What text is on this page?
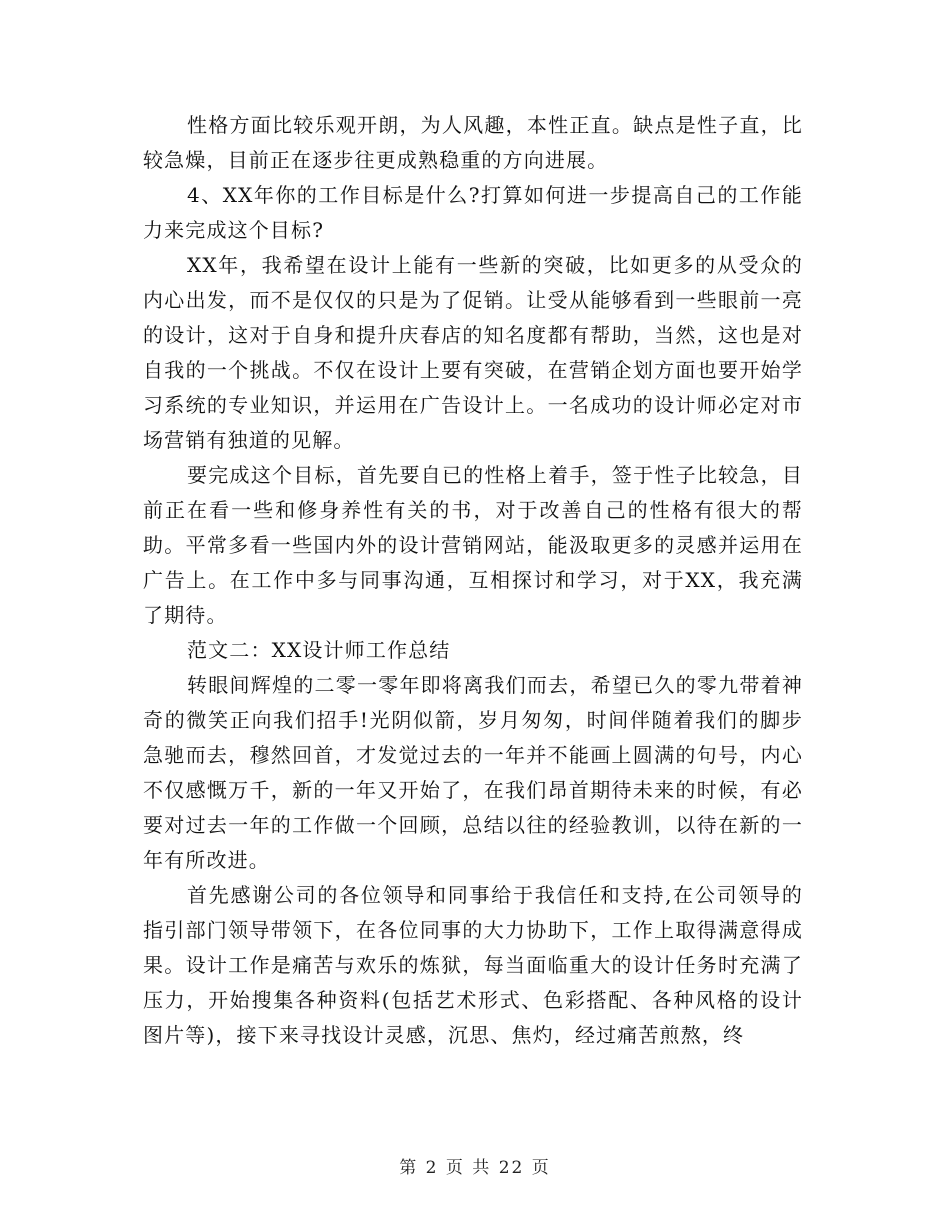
性格方面比较乐观开朗，为人风趣，本性正直。缺点是性子直，比较急燥，目前正在逐步往更成熟稳重的方向进展。

4、XX年你的工作目标是什么?打算如何进一步提高自己的工作能力来完成这个目标?

XX年，我希望在设计上能有一些新的突破，比如更多的从受众的内心出发，而不是仅仅的只是为了促销。让受从能够看到一些眼前一亮的设计，这对于自身和提升庆春店的知名度都有帮助，当然，这也是对自我的一个挑战。不仅在设计上要有突破，在营销企划方面也要开始学习系统的专业知识，并运用在广告设计上。一名成功的设计师必定对市场营销有独道的见解。

要完成这个目标，首先要自已的性格上着手，签于性子比较急，目前正在看一些和修身养性有关的书，对于改善自己的性格有很大的帮助。平常多看一些国内外的设计营销网站，能汲取更多的灵感并运用在广告上。在工作中多与同事沟通，互相探讨和学习，对于XX，我充满了期待。

范文二：XX设计师工作总结

转眼间辉煌的二零一零年即将离我们而去，希望已久的零九带着神奇的微笑正向我们招手!光阴似箭，岁月匆匆，时间伴随着我们的脚步急驰而去，穆然回首，才发觉过去的一年并不能画上圆满的句号，内心不仅感慨万千，新的一年又开始了，在我们昂首期待未来的时候，有必要对过去一年的工作做一个回顾，总结以往的经验教训，以待在新的一年有所改进。

首先感谢公司的各位领导和同事给于我信任和支持,在公司领导的指引部门领导带领下，在各位同事的大力协助下，工作上取得满意得成果。设计工作是痛苦与欢乐的炼狱，每当面临重大的设计任务时充满了压力，开始搜集各种资料(包括艺术形式、色彩搭配、各种风格的设计图片等)，接下来寻找设计灵感，沉思、焦灼，经过痛苦煎熬，终

第 2 页 共 22 页
